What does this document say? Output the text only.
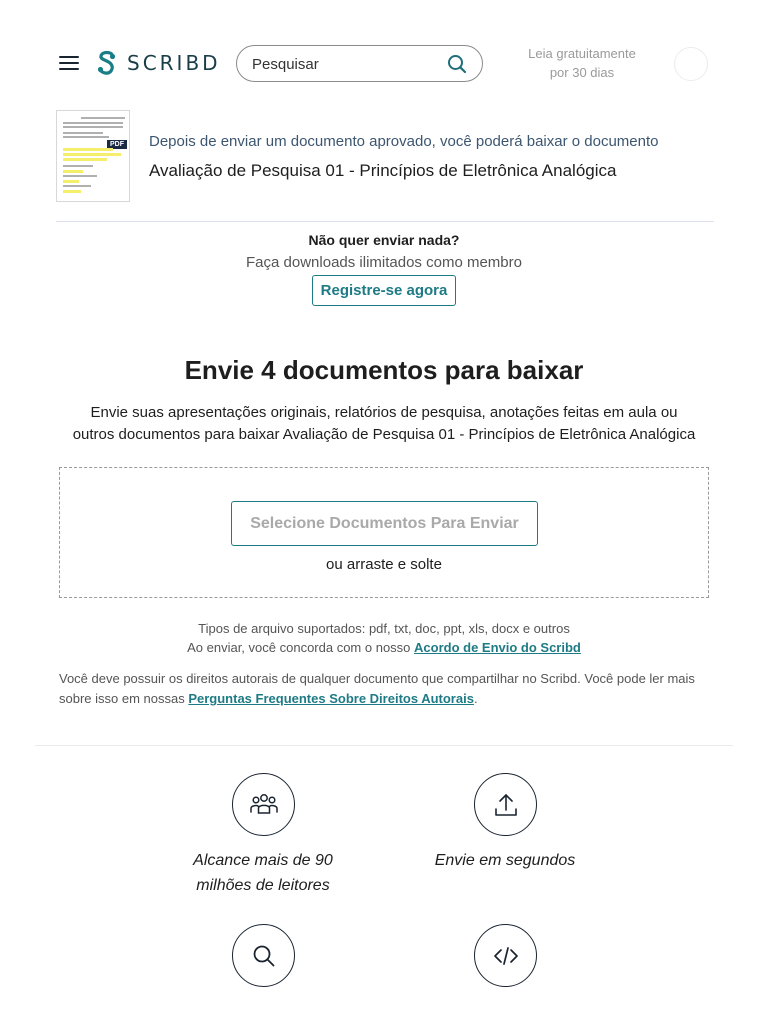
SCRIBD
Pesquisar	Leia gratuitamente
por 30 dias
PDF Depois de enviar um documento aprovado, você poderá baixar o documento
Avaliação de Pesquisa 01 - Princípios de Eletrônica Analógica
Não quer enviar nada?
Faça downloads ilimitados como membro
Registre-se agora
Envie 4 documentos para baixar
Envie suas apresentações originais, relatórios de pesquisa, anotações feitas em aula ou outros documentos para baixar Avaliação de Pesquisa 01 - Princípios de Eletrônica Analógica
Selecione Documentos Para Enviar
ou arraste e solte
Tipos de arquivo suportados: pdf, txt, doc, ppt, xls, docx e outros
Ao enviar, você concorda com o nosso Acordo de Envio do Scribd
Você deve possuir os direitos autorais de qualquer documento que compartilhar no Scribd. Você pode ler mais sobre isso em nossas Perguntas Frequentes Sobre Direitos Autorais.
Alcance mais de 90
milhões de leitores
Envie em segundos
